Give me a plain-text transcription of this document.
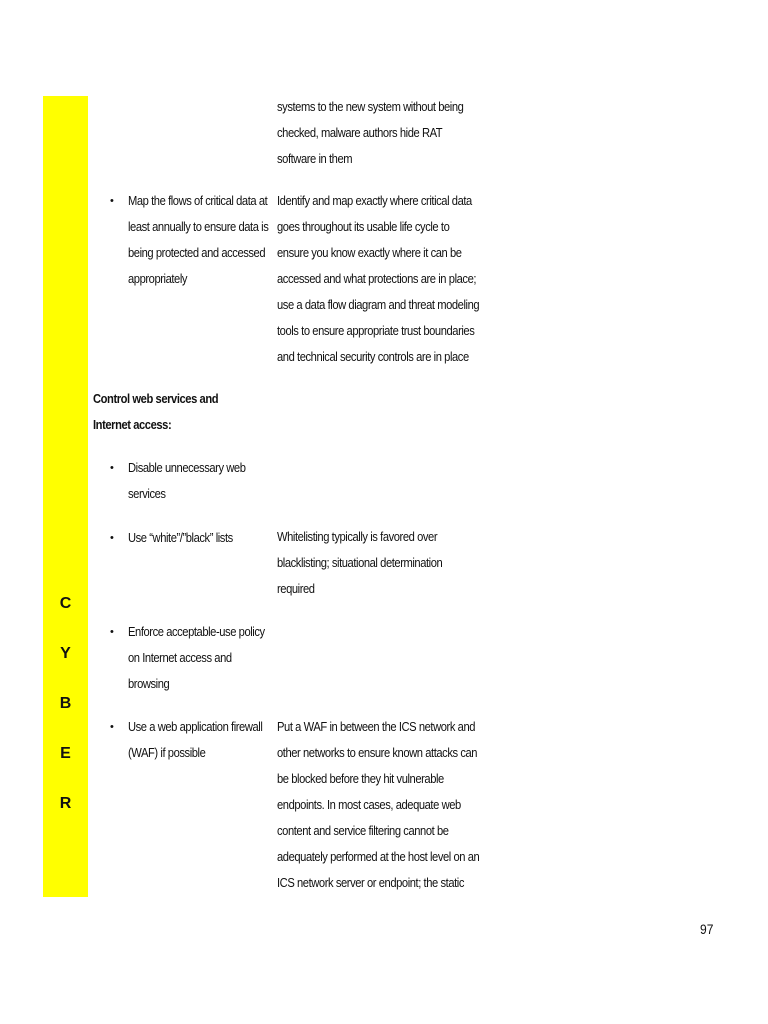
C
Y
B
E
R
systems to the new system without being checked, malware authors hide RAT software in them
• Map the flows of critical data at least annually to ensure data is being protected and accessed appropriately
Identify and map exactly where critical data goes throughout its usable life cycle to ensure you know exactly where it can be accessed and what protections are in place; use a data flow diagram and threat modeling tools to ensure appropriate trust boundaries and technical security controls are in place
Control web services and Internet access:
• Disable unnecessary web services
• Use “white”/”black” lists	Whitelisting typically is favored over blacklisting; situational determination required
• Enforce acceptable-use policy on Internet access and browsing
• Use a web application firewall (WAF) if possible
Put a WAF in between the ICS network and other networks to ensure known attacks can be blocked before they hit vulnerable endpoints. In most cases, adequate web content and service filtering cannot be adequately performed at the host level on an ICS network server or endpoint; the static
97
